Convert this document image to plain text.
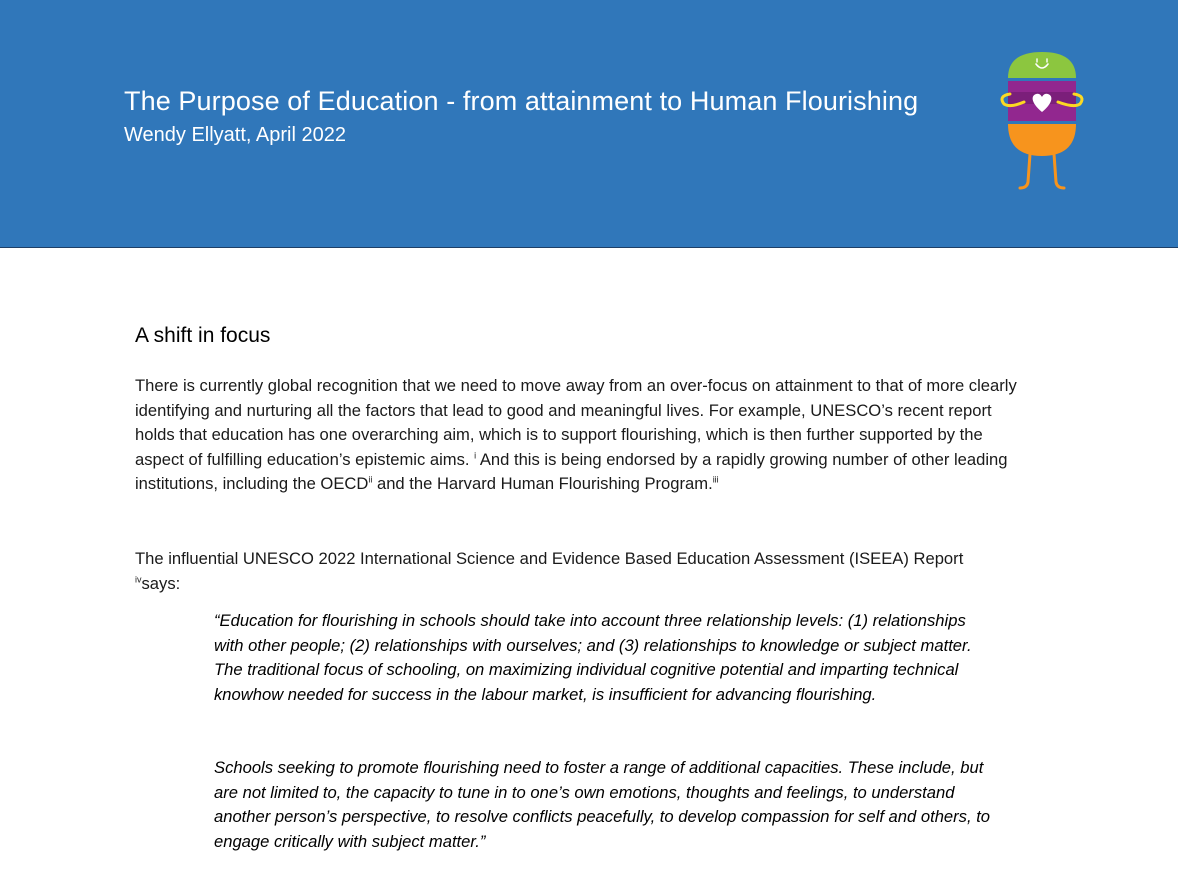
The Purpose of Education - from attainment to Human Flourishing
Wendy Ellyatt, April 2022
A shift in focus

There is currently global recognition that we need to move away from an over-focus on attainment to that of more clearly identifying and nurturing all the factors that lead to good and meaningful lives. For example, UNESCO’s recent report holds that education has one overarching aim, which is to support flourishing, which is then further supported by the aspect of fulfilling education’s epistemic aims. $^i$ And this is being endorsed by a rapidly growing number of other leading institutions, including the OECD$^{ii}$ and the Harvard Human Flourishing Program.$^{iii}$

The influential UNESCO 2022 International Science and Evidence Based Education Assessment (ISEEA) Report
$^{iv}$says:

“Education for flourishing in schools should take into account three relationship levels: (1) relationships with other people; (2) relationships with ourselves; and (3) relationships to knowledge or subject matter. The traditional focus of schooling, on maximizing individual cognitive potential and imparting technical knowhow needed for success in the labour market, is insufficient for advancing flourishing.

Schools seeking to promote flourishing need to foster a range of additional capacities. These include, but are not limited to, the capacity to tune in to one’s own emotions, thoughts and feelings, to understand another person’s perspective, to resolve conflicts peacefully, to develop compassion for self and others, to engage critically with subject matter.”
